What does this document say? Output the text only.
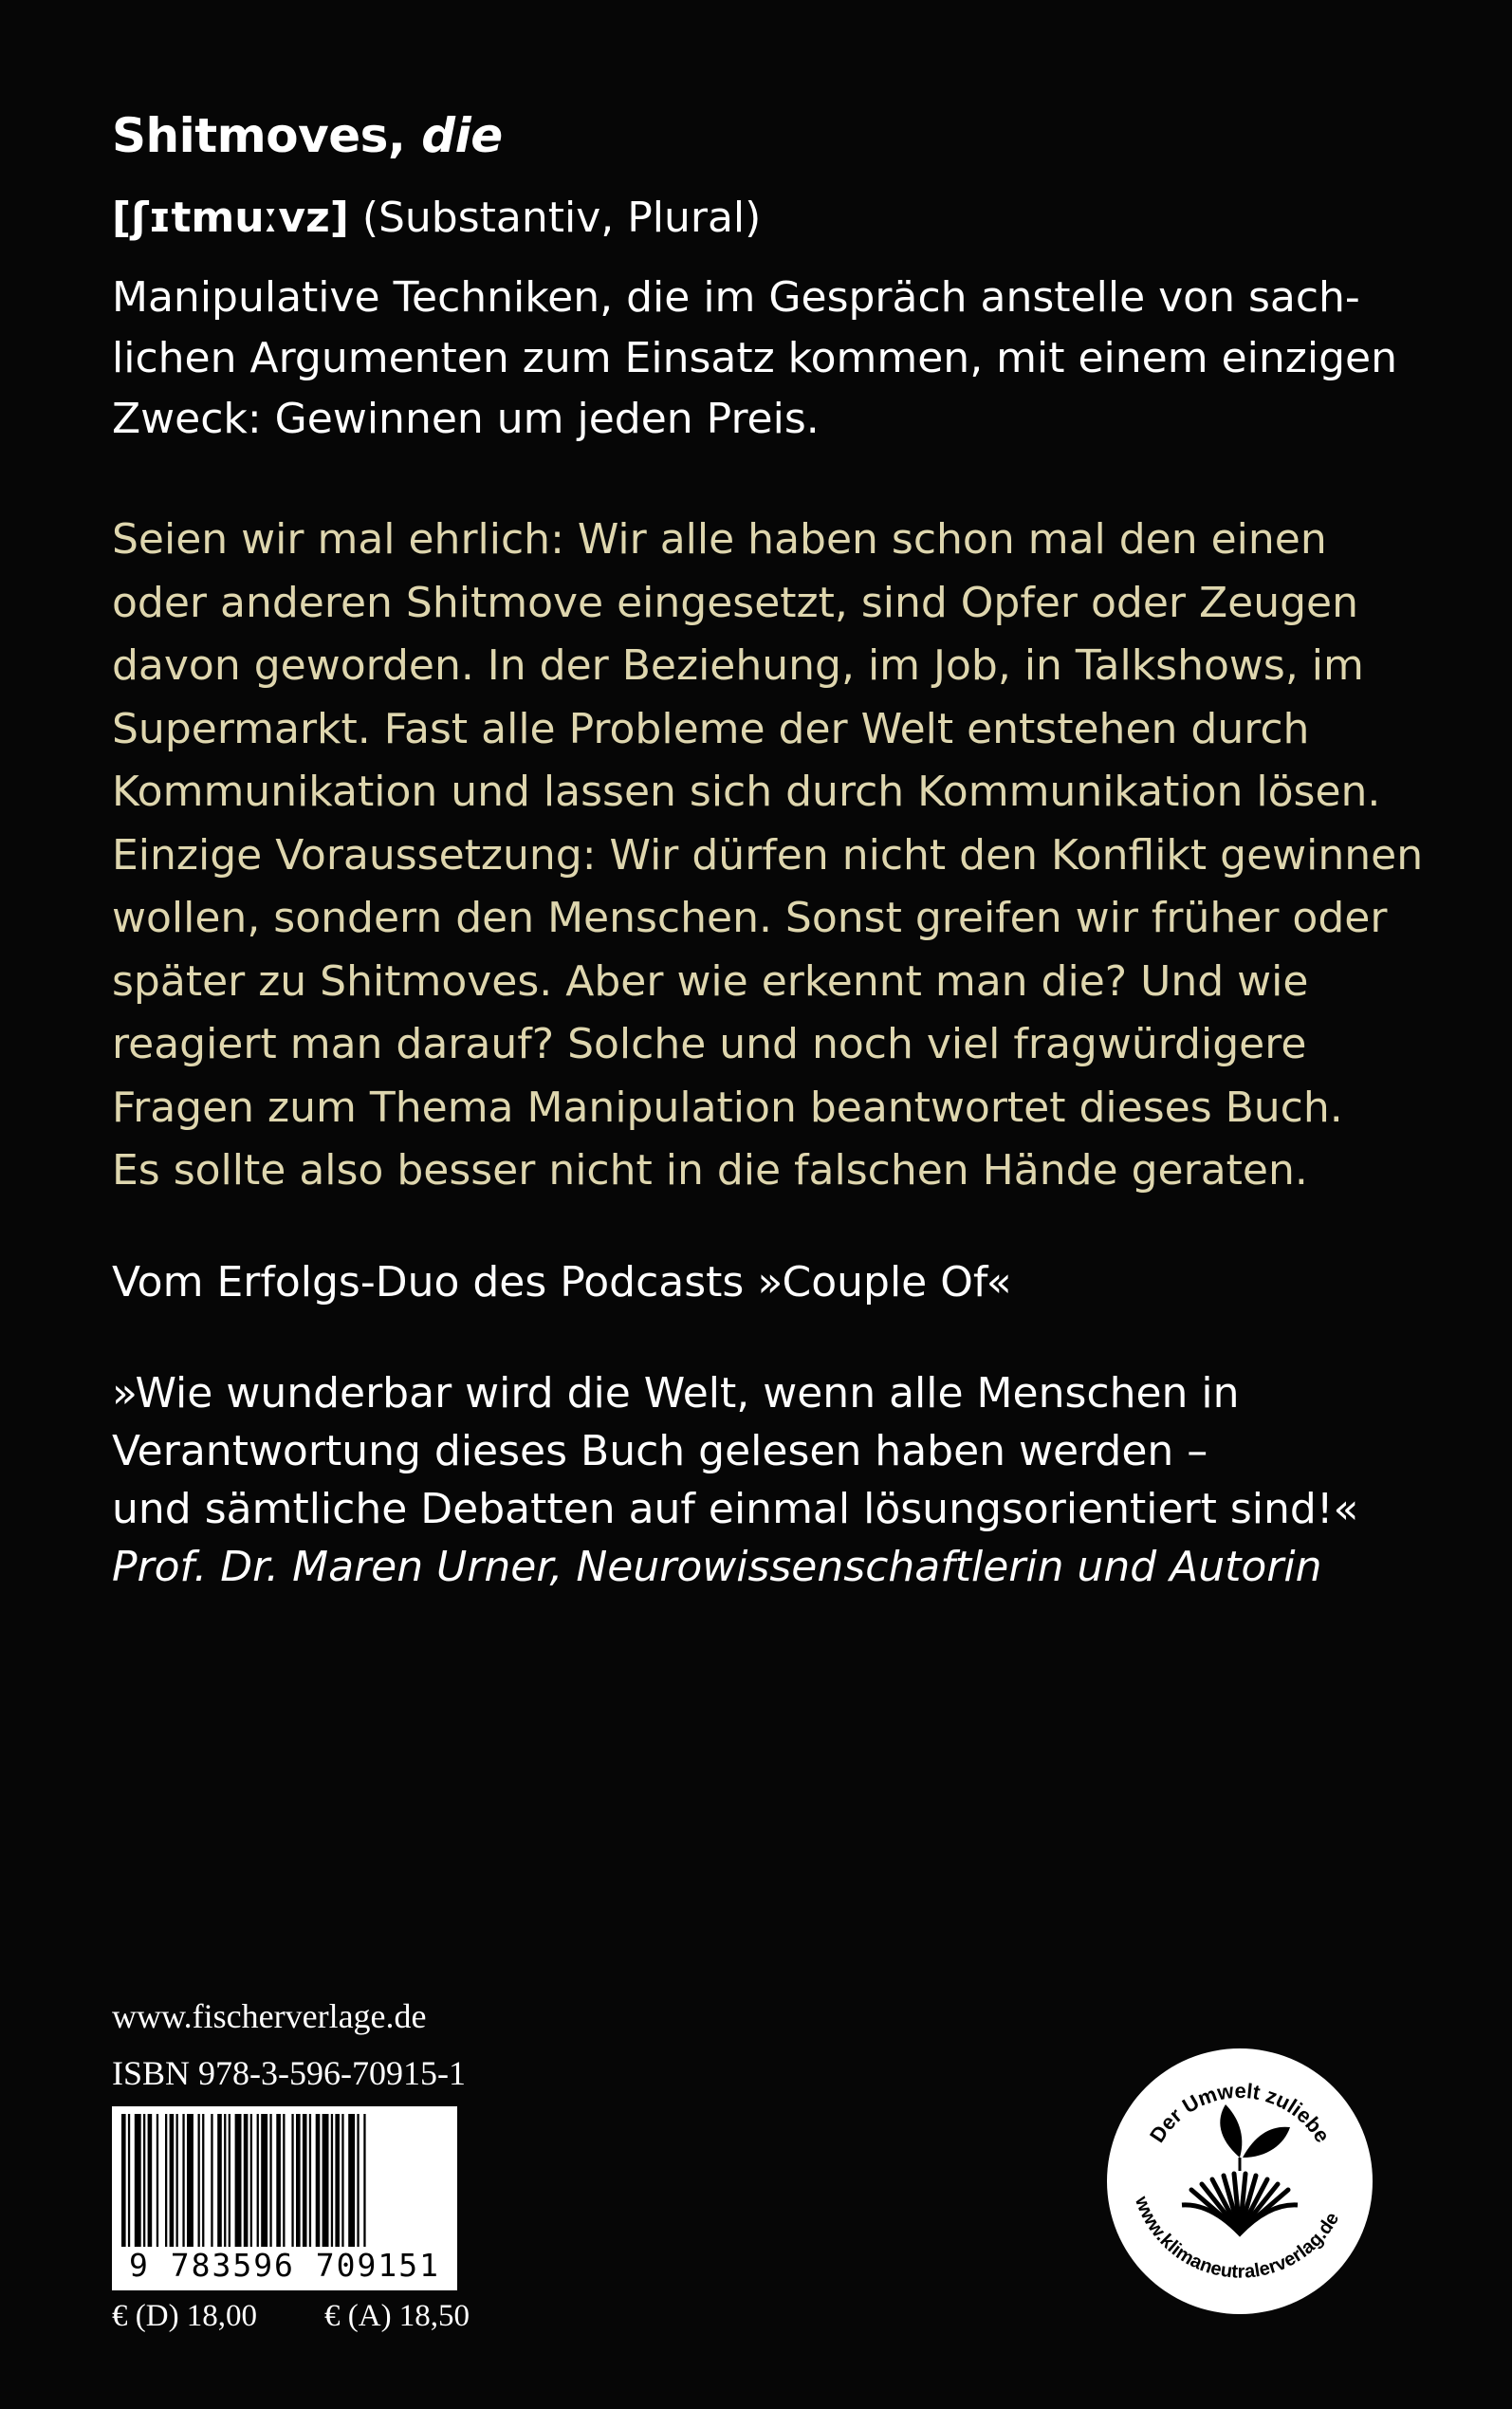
Shitmoves, die
[ʃɪtmuːvz] (Substantiv, Plural)
Manipulative Techniken, die im Gespräch anstelle von sach-
lichen Argumenten zum Einsatz kommen, mit einem einzigen
Zweck: Gewinnen um jeden Preis.
Seien wir mal ehrlich: Wir alle haben schon mal den einen
oder anderen Shitmove eingesetzt, sind Opfer oder Zeugen
davon geworden. In der Beziehung, im Job, in Talkshows, im
Supermarkt. Fast alle Probleme der Welt entstehen durch
Kommunikation und lassen sich durch Kommunikation lösen.
Einzige Voraussetzung: Wir dürfen nicht den Konflikt gewinnen
wollen, sondern den Menschen. Sonst greifen wir früher oder
später zu Shitmoves. Aber wie erkennt man die? Und wie
reagiert man darauf? Solche und noch viel fragwürdigere
Fragen zum Thema Manipulation beantwortet dieses Buch.
Es sollte also besser nicht in die falschen Hände geraten.
Vom Erfolgs-Duo des Podcasts »Couple Of«
»Wie wunderbar wird die Welt, wenn alle Menschen in
Verantwortung dieses Buch gelesen haben werden –
und sämtliche Debatten auf einmal lösungsorientiert sind!«
Prof. Dr. Maren Urner, Neurowissenschaftlerin und Autorin
www.fischerverlage.de
ISBN 978-3-596-70915-1
9 783596 709151
€ (D) 18,00 € (A) 18,50
Der Umwelt zuliebe
www.klimaneutralerverlag.de
